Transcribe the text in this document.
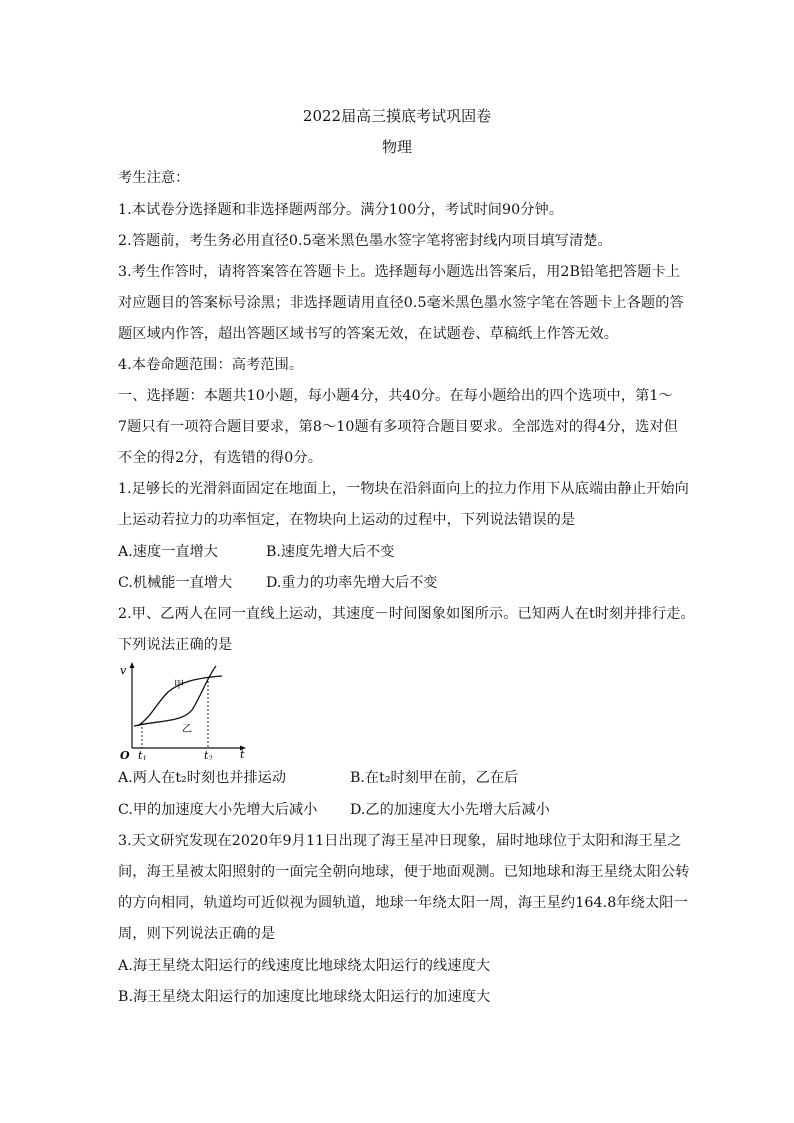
2022届高三摸底考试巩固卷
物理
考生注意：
1.本试卷分选择题和非选择题两部分。满分100分，考试时间90分钟。
2.答题前，考生务必用直径0.5毫米黑色墨水签字笔将密封线内项目填写清楚。
3.考生作答时，请将答案答在答题卡上。选择题每小题选出答案后，用2B铅笔把答题卡上
对应题目的答案标号涂黑；非选择题请用直径0.5毫米黑色墨水签字笔在答题卡上各题的答
题区域内作答，超出答题区域书写的答案无效，在试题卷、草稿纸上作答无效。
4.本卷命题范围：高考范围。
一、选择题：本题共10小题，每小题4分，共40分。在每小题给出的四个选项中，第1～
7题只有一项符合题目要求，第8～10题有多项符合题目要求。全部选对的得4分，选对但
不全的得2分，有选错的得0分。
1.足够长的光滑斜面固定在地面上，一物块在沿斜面向上的拉力作用下从底端由静止开始向
上运动若拉力的功率恒定，在物块向上运动的过程中，下列说法错误的是
A.速度一直增大	B.速度先增大后不变
C.机械能一直增大 D.重力的功率先增大后不变
2.甲、乙两人在同一直线上运动，其速度－时间图象如图所示。已知两人在t时刻并排行走。
下列说法正确的是
v
t
O t1	t2
甲
乙
A.两人在t₂时刻也并排运动	B.在t₂时刻甲在前，乙在后
C.甲的加速度大小先增大后减小 D.乙的加速度大小先增大后减小
3.天文研究发现在2020年9月11日出现了海王星冲日现象，届时地球位于太阳和海王星之
间，海王星被太阳照射的一面完全朝向地球，便于地面观测。已知地球和海王星绕太阳公转
的方向相同，轨道均可近似视为圆轨道，地球一年绕太阳一周，海王星约164.8年绕太阳一
周，则下列说法正确的是
A.海王星绕太阳运行的线速度比地球绕太阳运行的线速度大
B.海王星绕太阳运行的加速度比地球绕太阳运行的加速度大
